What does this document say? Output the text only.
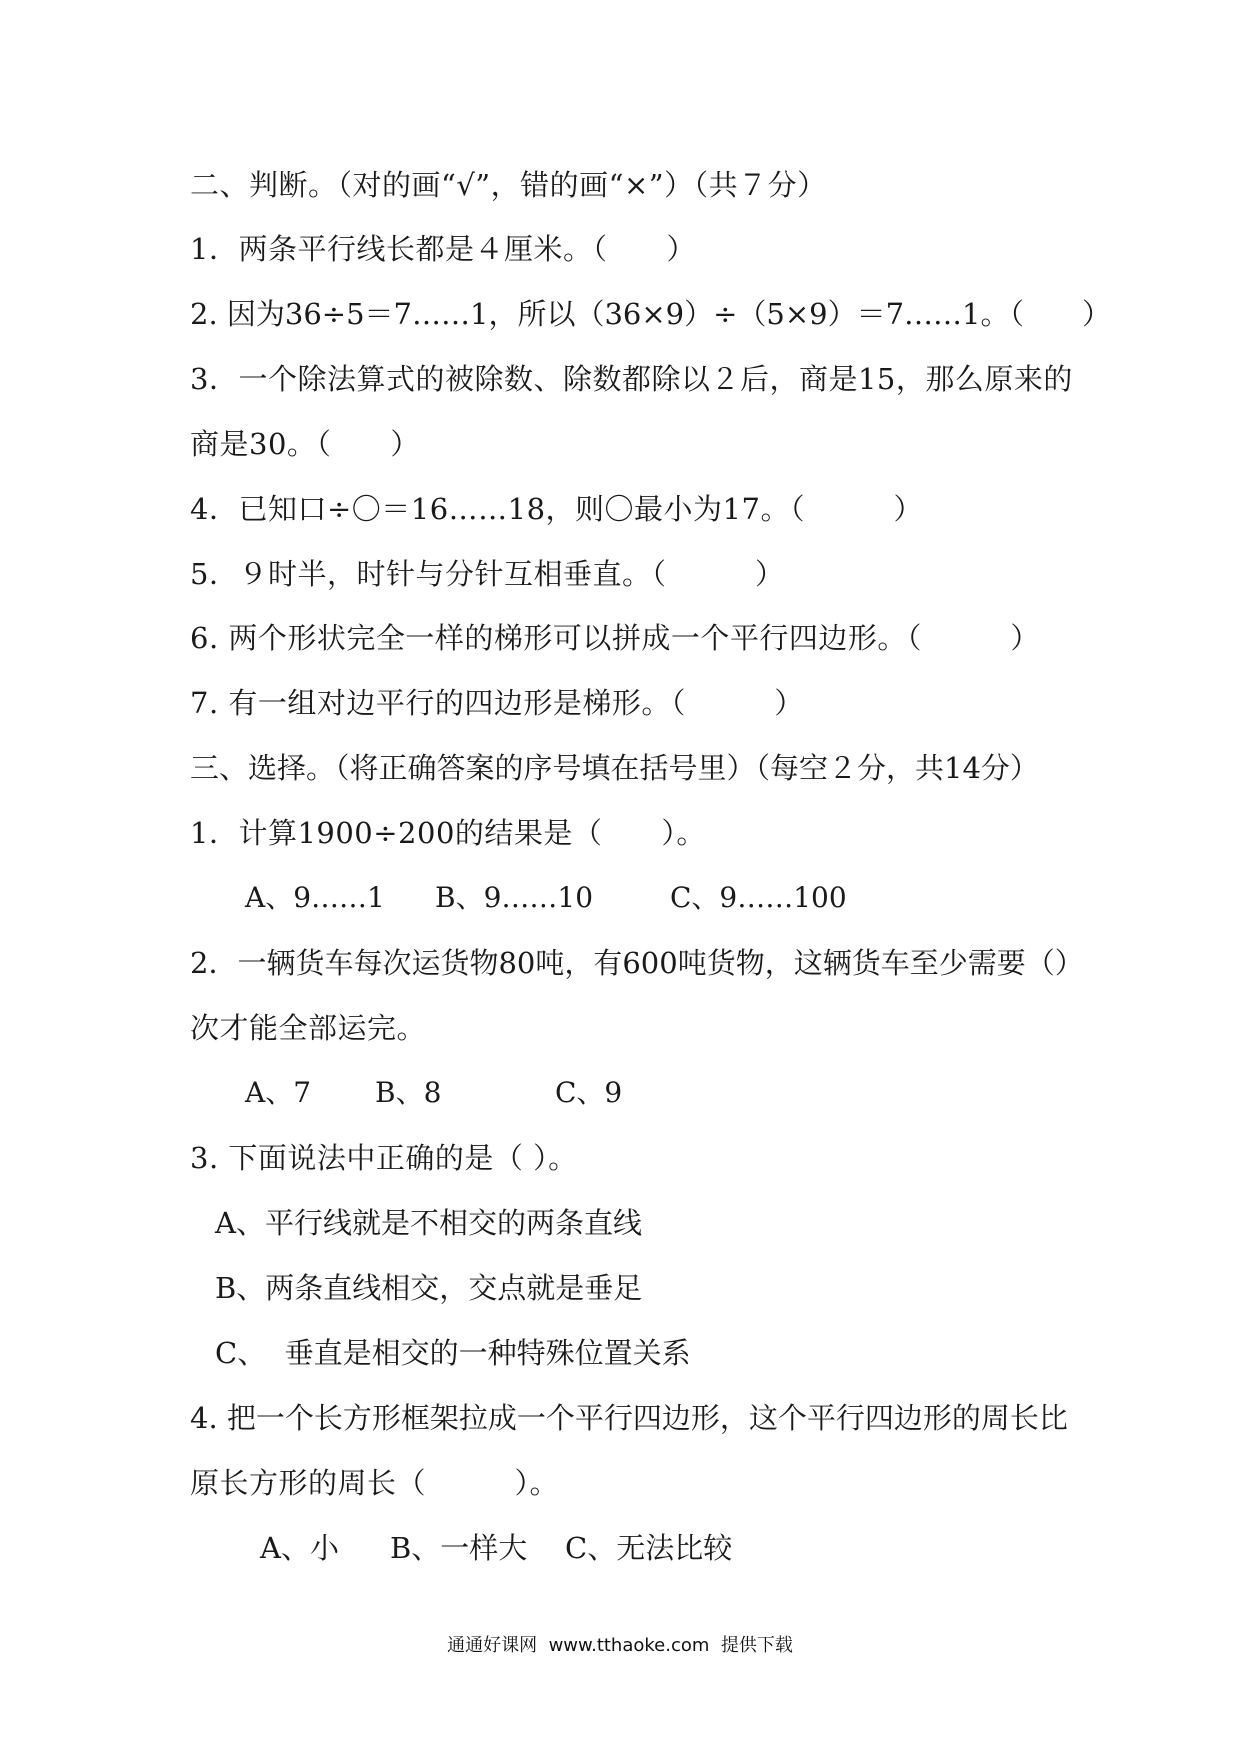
二、判断。（对的画“√”，错的画“×”）（共７分）
1．两条平行线长都是４厘米。（　　）
2. 因为36÷5＝7……1，所以（36×9）÷（5×9）＝7……1。（　　）
3．一个除法算式的被除数、除数都除以２后，商是15，那么原来的
商是30。（　　）
4．已知口÷〇＝16……18，则〇最小为17。（　　　）
5．９时半，时针与分针互相垂直。（　　　）
6. 两个形状完全一样的梯形可以拼成一个平行四边形。（　　　）
7. 有一组对边平行的四边形是梯形。（　　　）
三、选择。（将正确答案的序号填在括号里）（每空２分，共14分）
1．计算1900÷200的结果是（　　）。
A、9……1 B、9……10	C、9……100
2．一辆货车每次运货物80吨，有600吨货物，这辆货车至少需要（）
次才能全部运完。
A、7 B、8	C、9
3. 下面说法中正确的是（ ）。
A、平行线就是不相交的两条直线
B、两条直线相交，交点就是垂足
C、  垂直是相交的一种特殊位置关系
4. 把一个长方形框架拉成一个平行四边形，这个平行四边形的周长比
原长方形的周长（　　　）。
A、小 B、一样大 C、无法比较
通通好课网  www.tthaoke.com  提供下载
